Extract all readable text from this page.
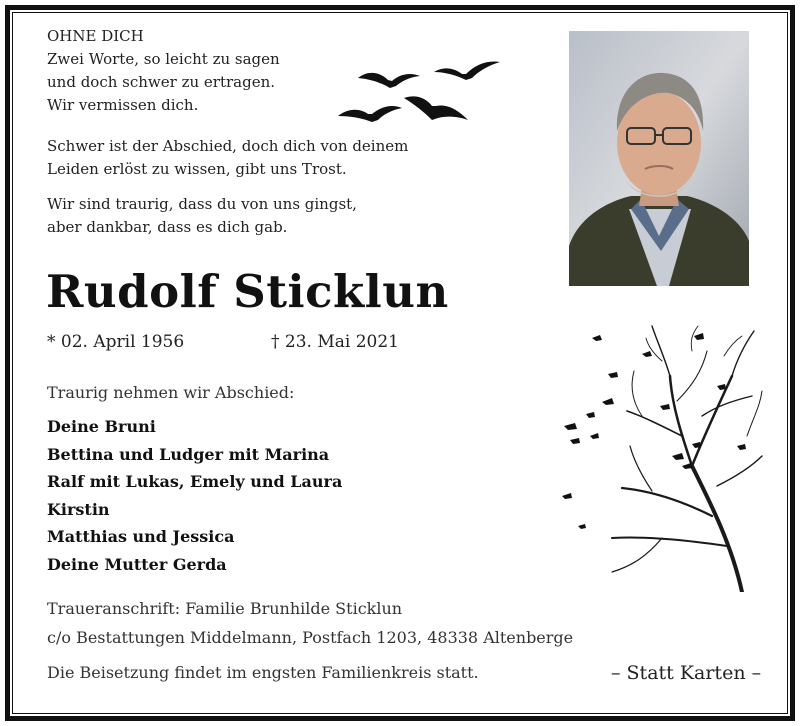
OHNE DICH
Zwei Worte, so leicht zu sagen
und doch schwer zu ertragen.
Wir vermissen dich.
Schwer ist der Abschied, doch dich von deinem
Leiden erlöst zu wissen, gibt uns Trost.
Wir sind traurig, dass du von uns gingst,
aber dankbar, dass es dich gab.
Rudolf Sticklun
* 02. April 1956	† 23. Mai 2021
Traurig nehmen wir Abschied:
Deine Bruni
Bettina und Ludger mit Marina
Ralf mit Lukas, Emely und Laura
Kirstin
Matthias und Jessica
Deine Mutter Gerda
Traueranschrift: Familie Brunhilde Sticklun
c/o Bestattungen Middelmann, Postfach 1203, 48338 Altenberge
Die Beisetzung findet im engsten Familienkreis statt.	– Statt Karten –
